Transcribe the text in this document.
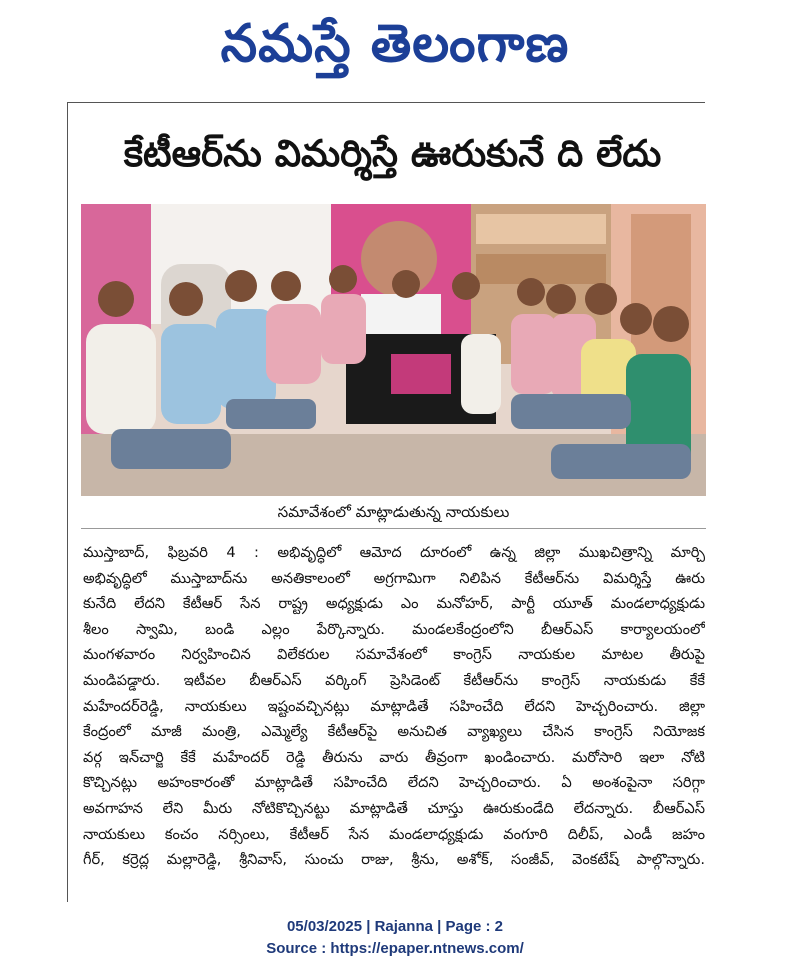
నమస్తే తెలంగాణ
కేటీఆర్‌ను విమర్శిస్తే ఊరుకునే ది లేదు
సమావేశంలో మాట్లాడుతున్న నాయకులు
ముస్తాబాద్, ఫిబ్రవరి 4 : అభివృద్ధిలో ఆమోద దూరంలో ఉన్న జిల్లా ముఖచిత్రాన్ని మార్చి
అభివృద్ధిలో ముస్తాబాద్‌ను అనతికాలంలో అగ్రగామిగా నిలిపిన కేటీఆర్‌ను విమర్శిస్తే ఊరు
కునేది లేదని కేటీఆర్ సేన రాష్ట్ర అధ్యక్షుడు ఎం మనోహర్, పార్టీ యూత్ మండలాధ్యక్షుడు
శీలం స్వామి, బండి ఎల్లం పేర్కొన్నారు. మండలకేంద్రంలోని బీఆర్‌ఎస్ కార్యాలయంలో
మంగళవారం నిర్వహించిన విలేకరుల సమావేశంలో కాంగ్రెస్ నాయకుల మాటల తీరుపై
మండిపడ్డారు. ఇటీవల బీఆర్‌ఎస్ వర్కింగ్ ప్రెసిడెంట్ కేటీఆర్‌ను కాంగ్రెస్ నాయకుడు కేకే
మహేందర్‌రెడ్డి, నాయకులు ఇష్టంవచ్చినట్లు మాట్లాడితే సహించేది లేదని హెచ్చరించారు. జిల్లా
కేంద్రంలో మాజీ మంత్రి, ఎమ్మెల్యే కేటీఆర్‌పై అనుచిత వ్యాఖ్యలు చేసిన కాంగ్రెస్ నియోజక
వర్గ ఇన్‌చార్జి కేకే మహేందర్ రెడ్డి తీరును వారు తీవ్రంగా ఖండించారు. మరోసారి ఇలా నోటి
కొచ్చినట్లు అహంకారంతో మాట్లాడితే సహించేది లేదని హెచ్చరించారు. ఏ అంశంపైనా సరిగ్గా
అవగాహన లేని మీరు నోటికొచ్చినట్టు మాట్లాడితే చూస్తు ఊరుకుండేది లేదన్నారు. బీఆర్‌ఎస్
నాయకులు కంచం నర్సింలు, కేటీఆర్ సేన మండలాధ్యక్షుడు వంగూరి దిలీప్, ఎండీ జహం
గీర్, కర్రెద్ల మల్లారెడ్డి, శ్రీనివాస్, సుంచు రాజు, శ్రీను, అశోక్, సంజీవ్, వెంకటేష్ పాల్గొన్నారు.
05/03/2025 | Rajanna | Page : 2
Source : https://epaper.ntnews.com/
